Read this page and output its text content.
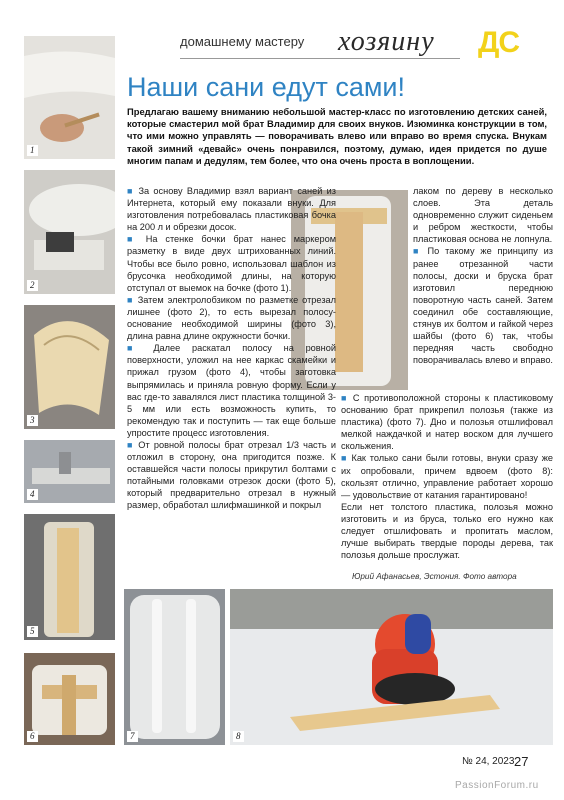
домашнему мастеру хозяину ДС
1
2
3
4
5
6	7	8
Наши сани едут сами!
Предлагаю вашему вниманию небольшой мастер-класс по изготовлению детских саней, которые смастерил мой брат Владимир для своих внуков. Изюминка конструкции в том, что ими можно управлять — поворачивать влево или вправо во время спуска. Внукам такой зимний «девайс» очень понравился, поэтому, думаю, идея придется по душе многим папам и дедулям, тем более, что она очень проста в воплощении.

■ За основу Владимир взял вариант саней из Интернета, который ему показали внуки. Для изготовления потребовалась пластиковая бочка на 200 л и обрезки досок.

■ На стенке бочки брат нанес маркером разметку в виде двух штрихованных линий. Чтобы все было ровно, использовал шаблон из брусочка необходимой длины, на которую отступал от выемок на бочке (фото 1).

■ Затем электролобзиком по разметке отрезал лишнее (фото 2), то есть вырезал полосу-основание необходимой ширины (фото 3), длина равна длине окружности бочки.

■ Далее раскатал полосу на ровной поверхности, уложил на нее каркас скамейки и прижал грузом (фото 4), чтобы заготовка выпрямилась и приняла ровную форму. Если у вас где-то завалялся лист пластика толщиной 3-5 мм или есть возможность купить, то рекомендую так и поступить — так еще больше упростите процесс изготовления.

■ От ровной полосы брат отрезал 1/3 часть и отложил в сторону, она пригодится позже. К оставшейся части полосы прикрутил болтами с потайными головками отрезок доски (фото 5), который предварительно отрезал в нужный размер, обработал шлифмашинкой и покрыл

лаком по дереву в несколько слоев. Эта деталь одновременно служит сиденьем и ребром жесткости, чтобы пластиковая основа не лопнула.

■ По такому же принципу из ранее отрезанной части полосы, доски и бруска брат изготовил переднюю поворотную часть саней. Затем соединил обе составляющие, стянув их болтом и гайкой через шайбы (фото 6) так, чтобы передняя часть свободно поворачивалась влево и вправо.

■ С противоположной стороны к пластиковому основанию брат прикрепил полозья (также из пластика) (фото 7). Дно и полозья отшлифовал мелкой наждачкой и натер воском для лучшего скольжения.

■ Как только сани были готовы, внуки сразу же их опробовали, причем вдвоем (фото 8): скользят отлично, управление работает хорошо — удовольствие от катания гарантировано!

Если нет толстого пластика, полозья можно изготовить и из бруса, только его нужно как следует отшлифовать и пропитать маслом, лучше выбирать твердые породы дерева, так полозья дольше прослужат.

Юрий Афанасьев, Эстония. Фото автора
№ 24, 2023 27
PassionForum.ru
